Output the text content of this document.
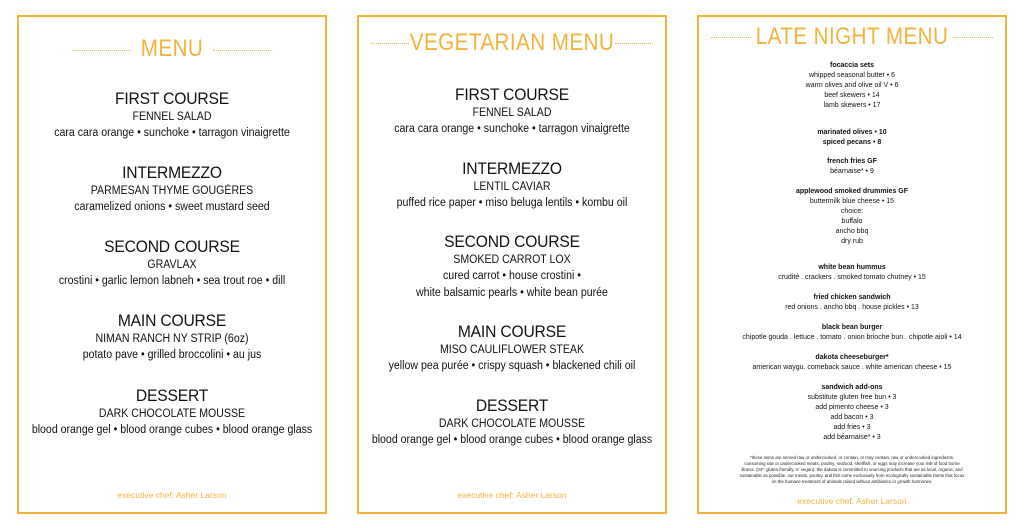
MENU
FIRST COURSE
FENNEL SALAD
cara cara orange • sunchoke • tarragon vinaigrette
INTERMEZZO
PARMESAN THYME GOUGÈRES
caramelized onions • sweet mustard seed
SECOND COURSE
GRAVLAX
crostini • garlic lemon labneh • sea trout roe • dill
MAIN COURSE
NIMAN RANCH NY STRIP (6oz)
potato pave • grilled broccolini • au jus
DESSERT
DARK CHOCOLATE MOUSSE
blood orange gel • blood orange cubes • blood orange glass
executive chef: Asher Larson
VEGETARIAN MENU
FIRST COURSE
FENNEL SALAD
cara cara orange • sunchoke • tarragon vinaigrette
INTERMEZZO
LENTIL CAVIAR
puffed rice paper • miso beluga lentils • kombu oil
SECOND COURSE
SMOKED CARROT LOX
cured carrot • house crostini •
white balsamic pearls • white bean purée
MAIN COURSE
MISO CAULIFLOWER STEAK
yellow pea purée • crispy squash • blackened chili oil
DESSERT
DARK CHOCOLATE MOUSSE
blood orange gel • blood orange cubes • blood orange glass
executive chef: Asher Larson
LATE NIGHT MENU
focaccia sets
whipped seasonal butter • 6
warm olives and olive oil V • 6
beef skewers • 14
lamb skewers • 17
marinated olives • 10
spiced pecans • 8
french fries GF
béarnaise* • 9
applewood smoked drummies GF
buttermilk blue cheese • 15
choice:
buffalo
ancho bbq
dry rub
white bean hummus
crudité . crackers . smoked tomato chutney • 15
fried chicken sandwich
red onions . ancho bbq . house pickles • 13
black bean burger
chipotle gouda . lettuce . tomato . onion brioche bun . chipotle aioli • 14
dakota cheeseburger*
american waygu. comeback sauce . white american cheese • 15
sandwich add-ons
substitute gluten free bun • 3
add pimento cheese • 3
add bacon • 3
add fries • 3
add béarnaise* • 3
*these items are served raw or undercooked, or contain, or may contain, raw or undercooked ingredients. consuming raw or undercooked meats, poultry, seafood, shellfish, or eggs may increase your risk of food borne illness. (GF: gluten friendly, V: vegan). the dakota is committed to sourcing products that are as local, organic, and sustainable as possible. our meats, poultry, and fish come exclusively from ecologically sustainable farms that focus on the humane treatment of animals raised without antibiotics or growth hormones.
executive chef: Asher Larson
